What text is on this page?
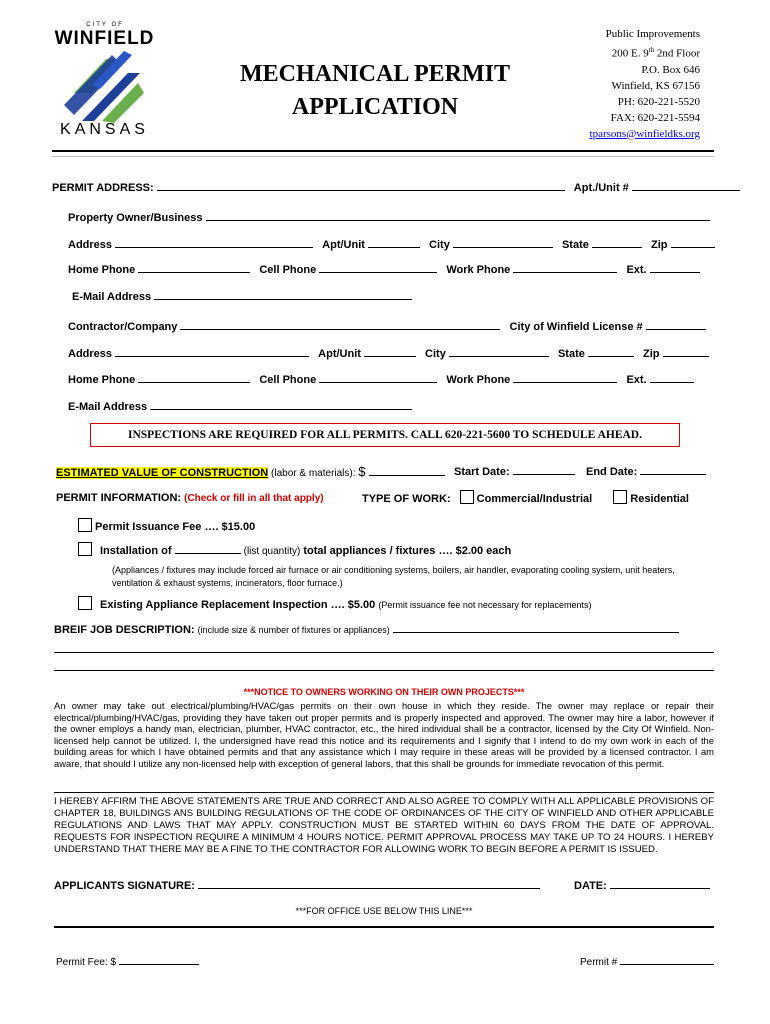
CITY OF
WINFIELD
KANSAS
MECHANICAL PERMIT
APPLICATION
Public Improvements
200 E. 9th 2nd Floor
P.O. Box 646
Winfield, KS 67156
PH: 620-221-5520
FAX: 620-221-5594
tparsons@winfieldks.org
PERMIT ADDRESS:	Apt./Unit #
Property Owner/Business
Address	Apt/Unit	City	State	Zip
Home Phone	Cell Phone	Work Phone	Ext.
E-Mail Address
Contractor/Company	City of Winfield License #
Address	Apt/Unit	City	State	Zip
Home Phone	Cell Phone	Work Phone	Ext.
E-Mail Address
INSPECTIONS ARE REQUIRED FOR ALL PERMITS. CALL 620-221-5600 TO SCHEDULE AHEAD.
ESTIMATED VALUE OF CONSTRUCTION (labor & materials): $	Start Date:	End Date:
PERMIT INFORMATION: (Check or fill in all that apply)	TYPE OF WORK: Commercial/Industrial	Residential
Permit Issuance Fee …. $15.00
Installation of	(list quantity) total appliances / fixtures …. $2.00 each
(Appliances / fixtures may include forced air furnace or air conditioning systems, boilers, air handler, evaporating cooling system, unit heaters, ventilation & exhaust systems, incinerators, floor furnace.)
Existing Appliance Replacement Inspection …. $5.00 (Permit issuance fee not necessary for replacements)
BREIF JOB DESCRIPTION: (include size & number of fixtures or appliances)
***NOTICE TO OWNERS WORKING ON THEIR OWN PROJECTS***
An owner may take out electrical/plumbing/HVAC/gas permits on their own house in which they reside. The owner may replace or repair their electrical/plumbing/HVAC/gas, providing they have taken out proper permits and is properly inspected and approved. The owner may hire a labor, however if the owner employs a handy man, electrician, plumber, HVAC contractor, etc., the hired individual shall be a contractor, licensed by the City Of Winfield. Non-licensed help cannot be utilized. I, the undersigned have read this notice and its requirements and I signify that I intend to do my own work in each of the building areas for which I have obtained permits and that any assistance which I may require in these areas will be provided by a licensed contractor. I am aware, that should I utilize any non-licensed help with exception of general labors, that this shall be grounds for immediate revocation of this permit.
I HEREBY AFFIRM THE ABOVE STATEMENTS ARE TRUE AND CORRECT AND ALSO AGREE TO COMPLY WITH ALL APPLICABLE PROVISIONS OF CHAPTER 18, BUILDINGS ANS BUILDING REGULATIONS OF THE CODE OF ORDINANCES OF THE CITY OF WINFIELD AND OTHER APPLICABLE REGULATIONS AND LAWS THAT MAY APPLY. CONSTRUCTION MUST BE STARTED WITHIN 60 DAYS FROM THE DATE OF APPROVAL. REQUESTS FOR INSPECTION REQUIRE A MINIMUM 4 HOURS NOTICE. PERMIT APPROVAL PROCESS MAY TAKE UP TO 24 HOURS. I HEREBY UNDERSTAND THAT THERE MAY BE A FINE TO THE CONTRACTOR FOR ALLOWING WORK TO BEGIN BEFORE A PERMIT IS ISSUED.
APPLICANTS SIGNATURE:	DATE:
***FOR OFFICE USE BELOW THIS LINE***
Permit Fee: $	Permit #
